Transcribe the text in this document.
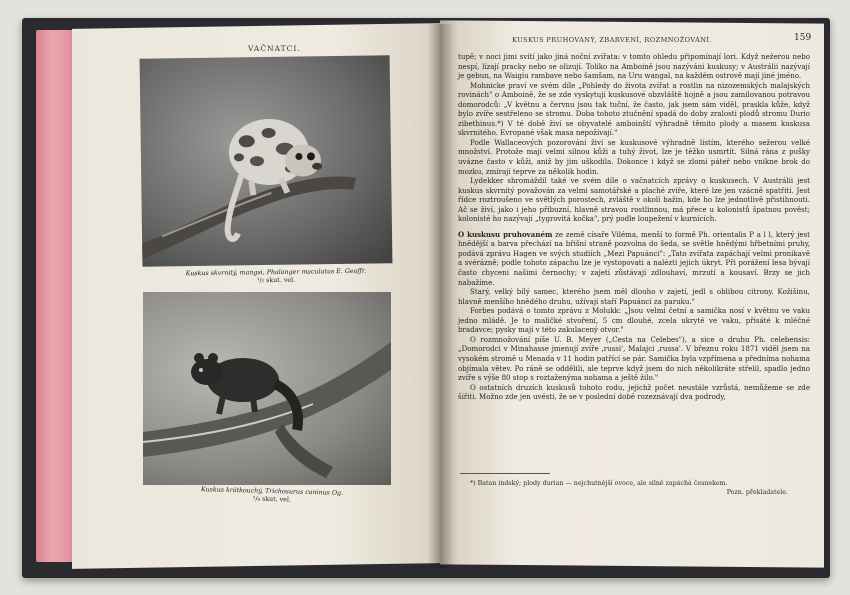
VAČNATCI.
KUSKUS PRUHOVANÝ, ZBARVENÍ, ROZMNOŽOVÁNÍ.	159
Kuskus skvrnitý, mangsi, Phalanger maculatus E. Geoffr.
¹/₅ skut. vel.
Kuskus krátkouchý, Trichosurus caninus Og.
¹/₉ skut. vel.

tupě; v noci jimi svítí jako jiná noční zvířata: v tomto ohledu připomínají lori. Když nežerou nebo nespí, lízají pracky nebo se olizují. Toliko na Amboině jsou nazýváni kuskusy; v Austrálii nazývají je gebun, na Waigiu rambave nebo šamšam, na Uru wangal, na každém ostrově mají jiné jméno.

Mohnicke praví ve svém díle „Pohledy do života zvířat a rostlin na nizozemských malajských rovinách" o Amboině, že se zde vyskytují kuskusové obzvláště hojně a jsou zamilovanou potravou domorodců: „V květnu a červnu jsou tak tuční, že často, jak jsem sám viděl, praskla kůže, když bylo zvíře sestřeleno se stromu. Doba tohoto ztučnění spadá do doby zralosti plodů stromu Durio zibethinus.*) V té době živí se obyvatelé amboinští výhradně těmito plody a masem kuskusa skvrnitého. Evropané však masa nepožívají."

Podle Wallaceových pozorování živí se kuskusové výhradně listím, kterého sežerou velké množství. Protože mají velmi silnou kůži a tuhý život, lze je těžko usmrtit. Silná rána z pušky uvázne často v kůži, aniž by jim uškodila. Dokonce i když se zlomí páteř nebo vnikne brok do mozku, zmírají teprve za několik hodin.

Lydekker shromáždil také ve svém díle o vačnatcích zprávy o kuskusech. V Austrálii jest kuskus skvrnitý považován za velmi samotářské a plaché zvíře, které lze jen vzácně spatřiti. Jest řídce roztroušeno ve světlých porostech, zvláště v okolí bažin, kde ho lze jednotlivě přistihnouti. Ač se živí, jako i jeho příbuzní, hlavně stravou rostlinnou, má přece u kolonistů špatnou pověst; kolonisté ho nazývají „tygrovitá kočka", prý podle loupežení v kurnících.

O kuskusu pruhovaném ze země císaře Viléma, menší to formě Ph. orientalis P a l l, který jest hnědější a barva přechází na břišní straně pozvolna do šeda, se světle hnědými hřbetními pruhy, podává zprávu Hagen ve svých studiích „Mezi Papuánci": „Tato zvířata zapáchají velmi pronikavě a svérázně; podle tohoto zápachu lze je vystopovati a nalézti jejich úkryt. Při porážení lesa bývají často chyceni našimi černochy; v zajetí zůstávají zdlouhaví, mrzutí a kousaví. Brzy se jich nabažíme.

Starý, velký bílý samec, kterého jsem měl dlouho v zajetí, jedl s oblibou citrony. Kožišinu, hlavně menšího hnědého druhu, užívají staří Papuánci za paruku."

Forbes podává o tomto zprávu z Molukk: „Jsou velmi četní a samička nosí v květnu ve vaku jedno mládě. Je to maličké stvoření, 5 cm dlouhé, zcela ukryté ve vaku, přisáté k mléčné bradavce; pysky mají v této zakulacený otvor."

O rozmnožování píše U. B. Meyer („Cesta na Celebes"), a sice o druhu Ph. celebensis: „Domorodci v Minahasse jmenují zvíře ‚russi', Malajci ‚russa'. V březnu roku 1871 viděl jsem na vysokém stromě u Menada v 11 hodin patřící se pár. Samička byla vzpřímena a předníma nohama objímala větev. Po ráně se oddělili, ale teprve když jsem do nich několikráte střelil, spadlo jedno zvíře s výše 80 stop s roztaženýma nohama a ještě žilo."

O ostatních druzích kuskusů tohoto rodu, jejichž počet neustále vzrůstá, nemůžeme se zde šířiti. Možno zde jen uvésti, že se v poslední době rozeznávají dva podrody,

*) Batan indský; plody durian — nejchutnější ovoce, ale silně zapáchá česnekem.
Pozn. překladatele.
